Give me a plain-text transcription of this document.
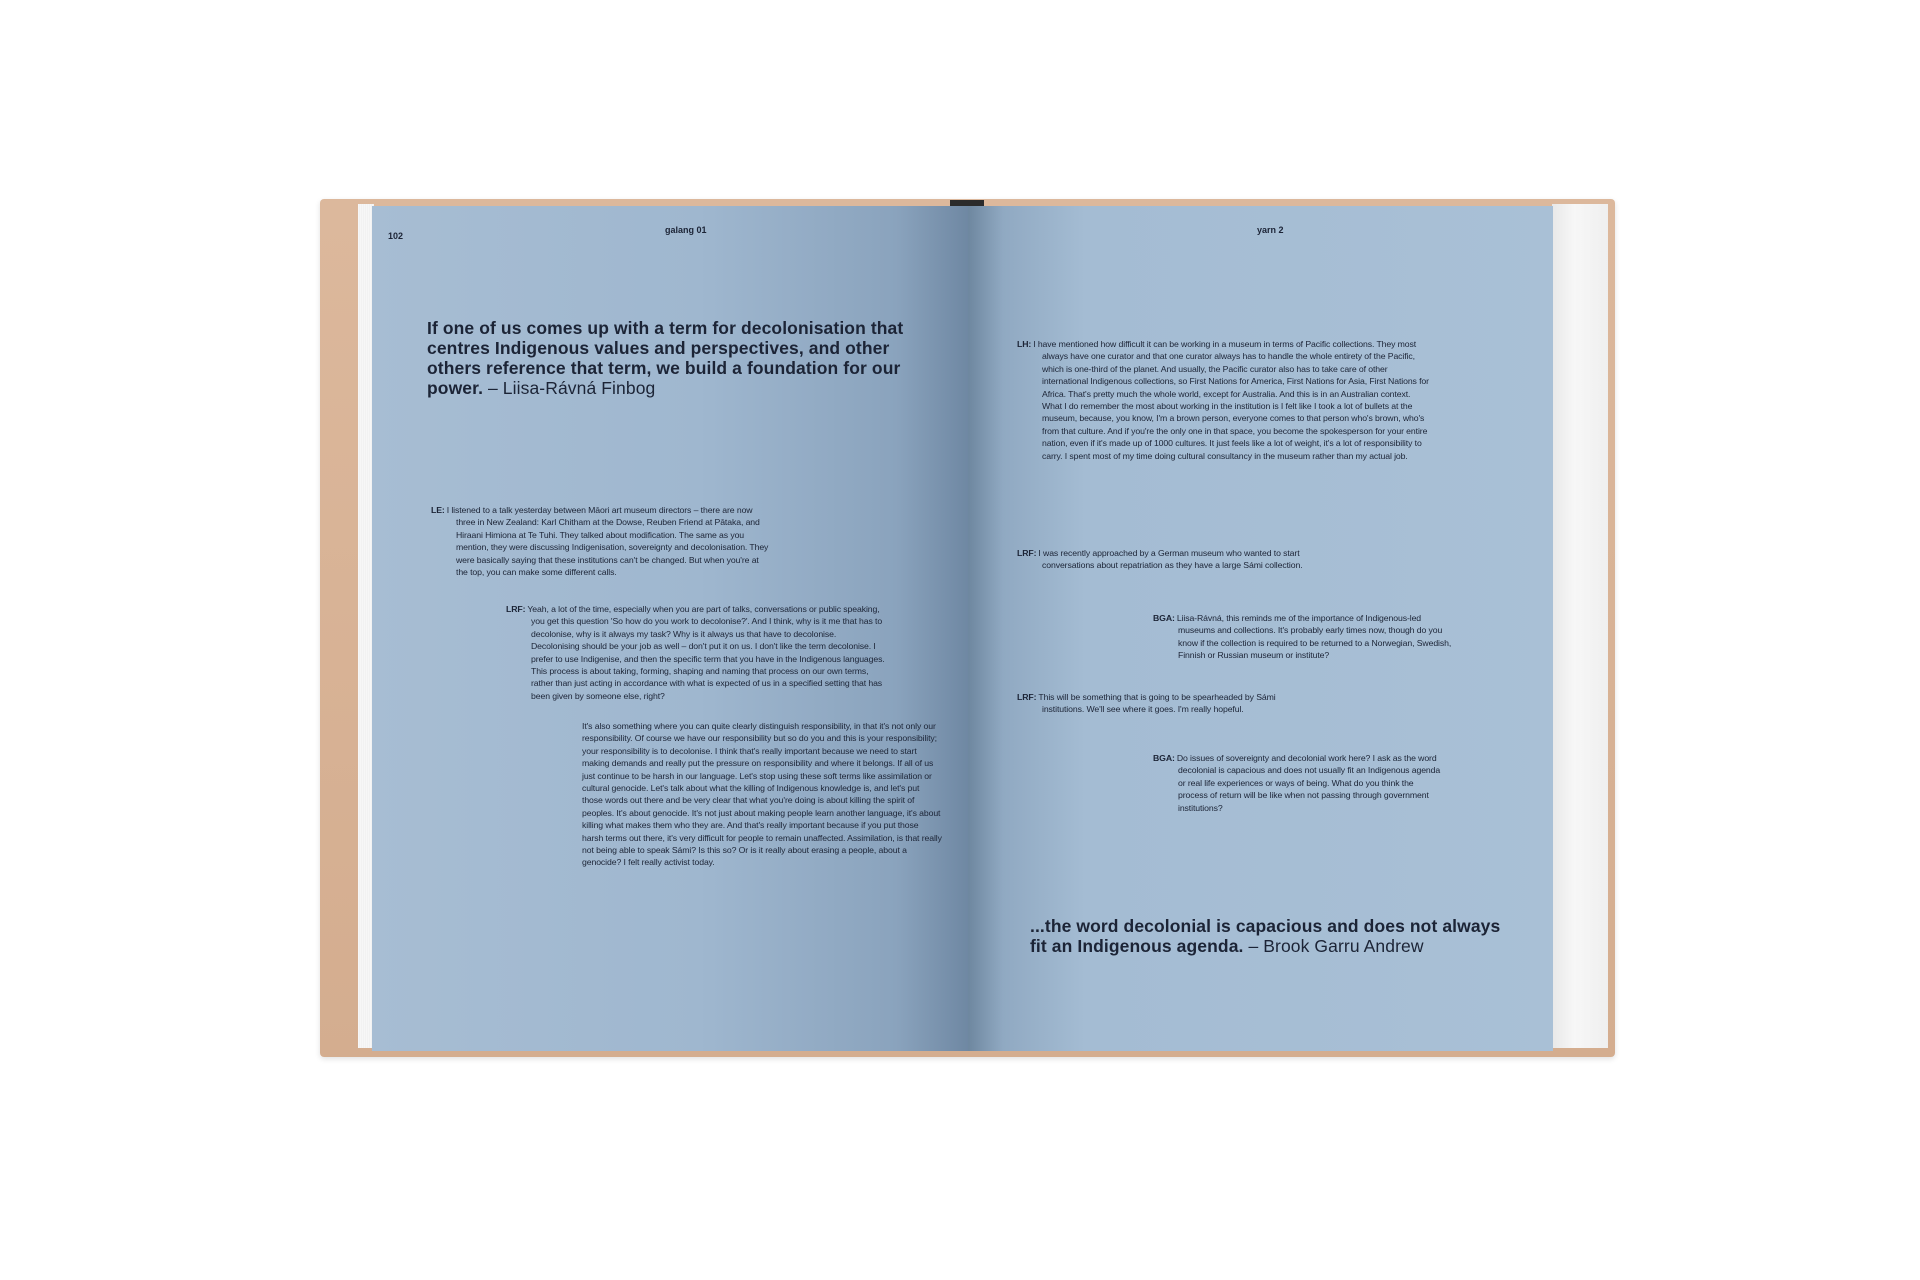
102
galang 01
If one of us comes up with a term for decolonisation that centres Indigenous values and perspectives, and other others reference that term, we build a foundation for our power. – Liisa-Rávná Finbog
LE: I listened to a talk yesterday between Māori art museum directors – there are now three in New Zealand: Karl Chitham at the Dowse, Reuben Friend at Pātaka, and Hiraani Himiona at Te Tuhi. They talked about modification. The same as you mention, they were discussing Indigenisation, sovereignty and decolonisation. They were basically saying that these institutions can't be changed. But when you're at the top, you can make some different calls.
LRF: Yeah, a lot of the time, especially when you are part of talks, conversations or public speaking, you get this question 'So how do you work to decolonise?'. And I think, why is it me that has to decolonise, why is it always my task? Why is it always us that have to decolonise. Decolonising should be your job as well – don't put it on us. I don't like the term decolonise. I prefer to use Indigenise, and then the specific term that you have in the Indigenous languages. This process is about taking, forming, shaping and naming that process on our own terms, rather than just acting in accordance with what is expected of us in a specified setting that has been given by someone else, right?
It's also something where you can quite clearly distinguish responsibility, in that it's not only our responsibility. Of course we have our responsibility but so do you and this is your responsibility; your responsibility is to decolonise. I think that's really important because we need to start making demands and really put the pressure on responsibility and where it belongs. If all of us just continue to be harsh in our language. Let's stop using these soft terms like assimilation or cultural genocide. Let's talk about what the killing of Indigenous knowledge is, and let's put those words out there and be very clear that what you're doing is about killing the spirit of peoples. It's about genocide. It's not just about making people learn another language, it's about killing what makes them who they are. And that's really important because if you put those harsh terms out there, it's very difficult for people to remain unaffected. Assimilation, is that really not being able to speak Sámi? Is this so? Or is it really about erasing a people, about a genocide? I felt really activist today.
yarn 2
LH: I have mentioned how difficult it can be working in a museum in terms of Pacific collections. They most always have one curator and that one curator always has to handle the whole entirety of the Pacific, which is one-third of the planet. And usually, the Pacific curator also has to take care of other international Indigenous collections, so First Nations for America, First Nations for Asia, First Nations for Africa. That's pretty much the whole world, except for Australia. And this is in an Australian context. What I do remember the most about working in the institution is I felt like I took a lot of bullets at the museum, because, you know, I'm a brown person, everyone comes to that person who's brown, who's from that culture. And if you're the only one in that space, you become the spokesperson for your entire nation, even if it's made up of 1000 cultures. It just feels like a lot of weight, it's a lot of responsibility to carry. I spent most of my time doing cultural consultancy in the museum rather than my actual job.
LRF: I was recently approached by a German museum who wanted to start conversations about repatriation as they have a large Sámi collection.
BGA: Liisa-Rávná, this reminds me of the importance of Indigenous-led museums and collections. It's probably early times now, though do you know if the collection is required to be returned to a Norwegian, Swedish, Finnish or Russian museum or institute?
LRF: This will be something that is going to be spearheaded by Sámi institutions. We'll see where it goes. I'm really hopeful.
BGA: Do issues of sovereignty and decolonial work here? I ask as the word decolonial is capacious and does not usually fit an Indigenous agenda or real life experiences or ways of being. What do you think the process of return will be like when not passing through government institutions?
...the word decolonial is capacious and does not always fit an Indigenous agenda. – Brook Garru Andrew
